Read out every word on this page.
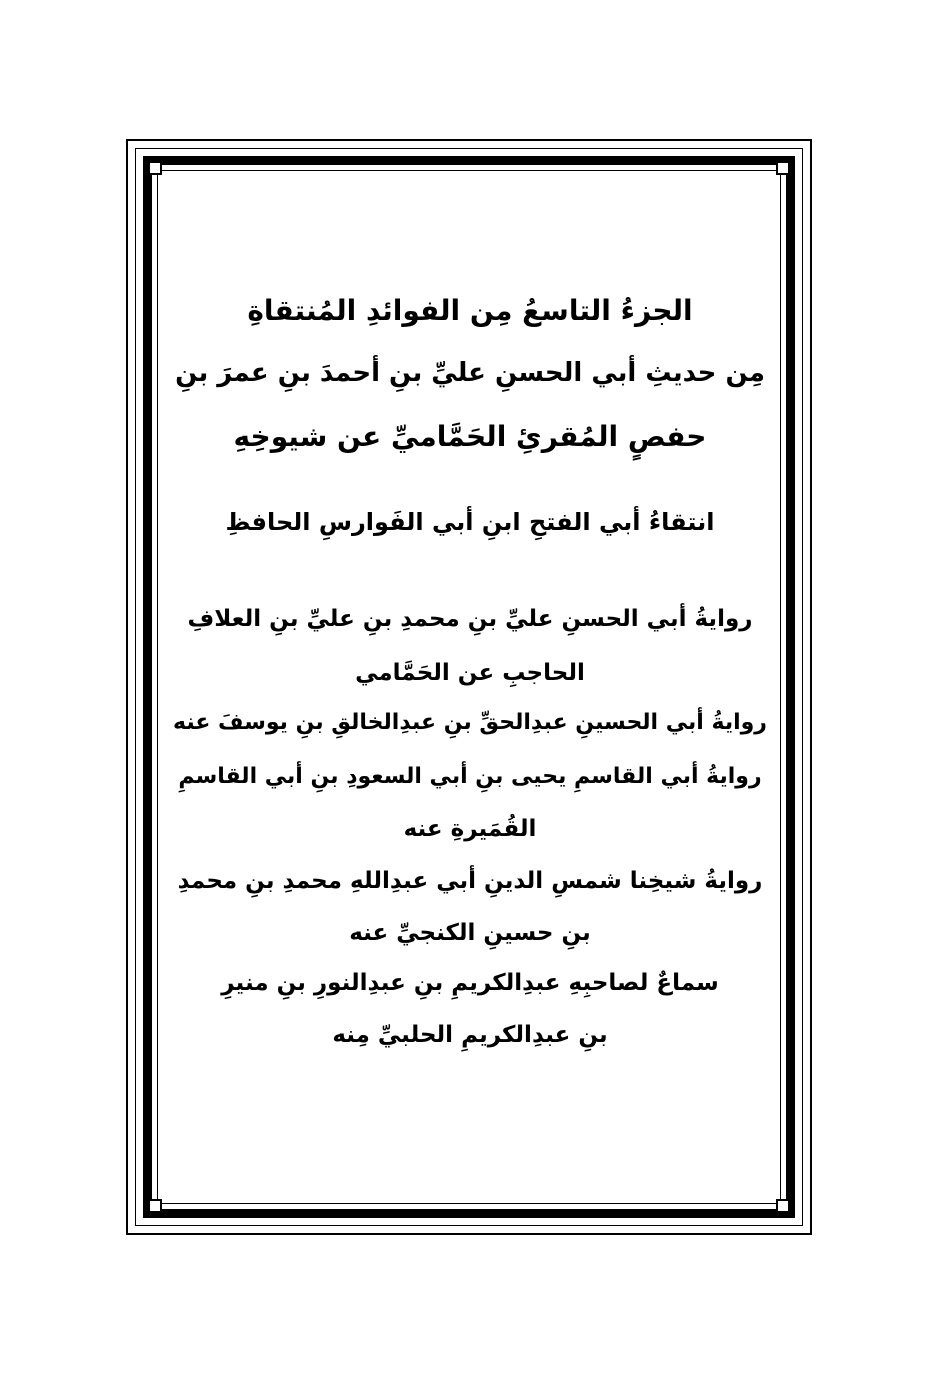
الجزءُ التاسعُ مِن الفوائدِ المُنتقاةِ
مِن حديثِ أبي الحسنِ عليِّ بنِ أحمدَ بنِ عمرَ بنِ
حفصٍ المُقرئِ الحَمَّاميِّ عن شيوخِهِ
انتقاءُ أبي الفتحِ ابنِ أبي الفَوارسِ الحافظِ
روايةُ أبي الحسنِ عليِّ بنِ محمدِ بنِ عليِّ بنِ العلافِ
الحاجبِ عن الحَمَّامي
روايةُ أبي الحسينِ عبدِالحقِّ بنِ عبدِالخالقِ بنِ يوسفَ عنه
روايةُ أبي القاسمِ يحيى بنِ أبي السعودِ بنِ أبي القاسمِ
القُمَيرةِ عنه
روايةُ شيخِنا شمسِ الدينِ أبي عبدِاللهِ محمدِ بنِ محمدِ
بنِ حسينِ الكنجيِّ عنه
سماعٌ لصاحبِهِ عبدِالكريمِ بنِ عبدِالنورِ بنِ منيرِ
بنِ عبدِالكريمِ الحلبيِّ مِنه
